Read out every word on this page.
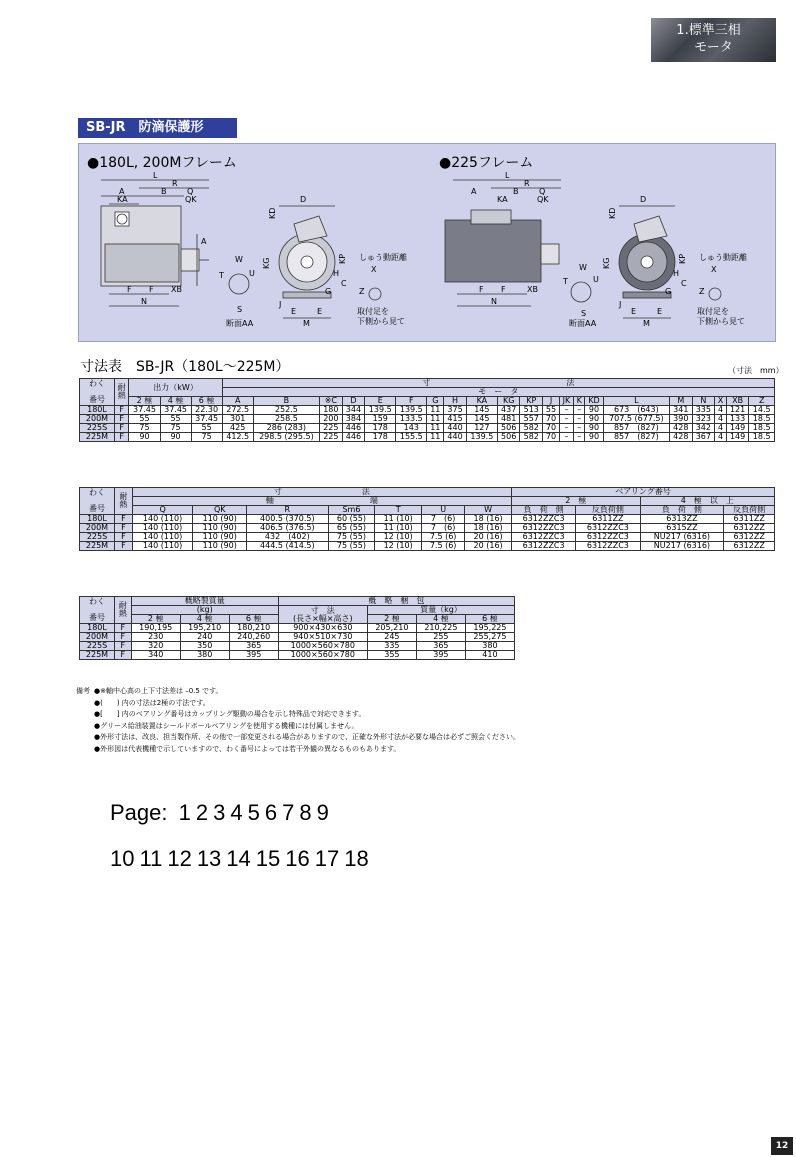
1.標準三相
モータ
SB-JR　防滴保護形
●180L, 200Mフレーム	●225フレーム
L
R
A	B	Q
KA	QK
A
F F XB
N
W
U
T
S
断面AA
D
KD
KG	KP
H
C
G
J
E	E
M
しゅう動距離
X
Z
取付足を
下側から見て
L
R
A	B	Q
KA	QK
F F	XB
N
W
U
T
S
断面AA
D
KD
KG	KP
H
C
G
J
E	E
M
しゅう動距離
X
Z
取付足を
下側から見て
寸法表　SB-JR（180L〜225M）	（寸法　mm）
わく

番号	耐
熱	出力（kW）			寸　　　　　　　　　　　　　　　　　法																				
					モ　ー　タ																				
		2 極	4 極	6 極	A	B	※C	D	E	F	G	H	KA	KG	KP	J	JK	K	KD	L	M	N	X	XB	Z
180L	F	37.45	37.45	22.30	272.5	252.5	180	344	139.5	139.5	11	375	145	437	513	55	–	–	90	673　(643)	341	335	4	121	14.5
200M	F	55	55	37.45	301	258.5	200	384	159	133.5	11	415	145	481	557	70	–	–	90	707.5 (677.5)	390	323	4	133	18.5
225S	F	75	75	55	425	286 (283)	225	446	178	143	11	440	127	506	582	70	–	–	90	857　(827)	428	342	4	149	18.5
225M	F	90	90	75	412.5	298.5 (295.5)	225	446	178	155.5	11	440	139.5	506	582	70	–	–	90	857　(827)	428	367	4	149	18.5
わく

番号	耐
熱	寸　　　　　　　　　　法							ベアリング番号			
		軸　　　　　　　　　　　　端							2　極		4　極　以　上	
		Q	QK	R	Sm6	T	U	W	負　荷　側	反負荷側	負　荷　側	反負荷側
180L	F	140 (110)	110 (90)	400.5 (370.5)	60 (55)	11 (10)	7　(6)	18 (16)	6312ZZC3	6311ZZ	6313ZZ	6311ZZ
200M	F	140 (110)	110 (90)	406.5 (376.5)	65 (55)	11 (10)	7　(6)	18 (16)	6312ZZC3	6312ZZC3	6315ZZ	6312ZZ
225S	F	140 (110)	110 (90)	432　(402)	75 (55)	12 (10)	7.5 (6)	20 (16)	6312ZZC3	6312ZZC3	NU217 (6316)	6312ZZ
225M	F	140 (110)	110 (90)	444.5 (414.5)	75 (55)	12 (10)	7.5 (6)	20 (16)	6312ZZC3	6312ZZC3	NU217 (6316)	6312ZZ
わく

番号	耐
熱	概略製質量			概　略　梱　包			
		(kg)			寸　法
(長さ×幅×高さ)	質量（kg）		
		2 極	4 極	6 極		2 極	4 極	6 極
180L	F	190,195	195,210	180,210	900×430×630	205,210	210,225	195,225
200M	F	230	240	240,260	940×510×730	245	255	255,275
225S	F	320	350	365	1000×560×780	335	365	380
225M	F	340	380	395	1000×560×780	355	395	410
備考 ●※軸中心高の上下寸法差は –0.5 です。
●(　　) 内の寸法は2極の寸法です。
●[　　] 内のベアリング番号はカップリング駆動の場合を示し特殊品で対応できます。
●グリース給油装置はシールドボールベアリングを使用する機種には付属しません。
●外形寸法は、改良、担当製作所、その他で一部変更される場合がありますので、正確な外形寸法が必要な場合は必ずご照会ください。
●外形図は代表機種で示していますので、わく番号によっては若干外観の異なるものもあります。
Page: 1 2 3 4 5 6 7 8 9
10 11 12 13 14 15 16 17 18
12
